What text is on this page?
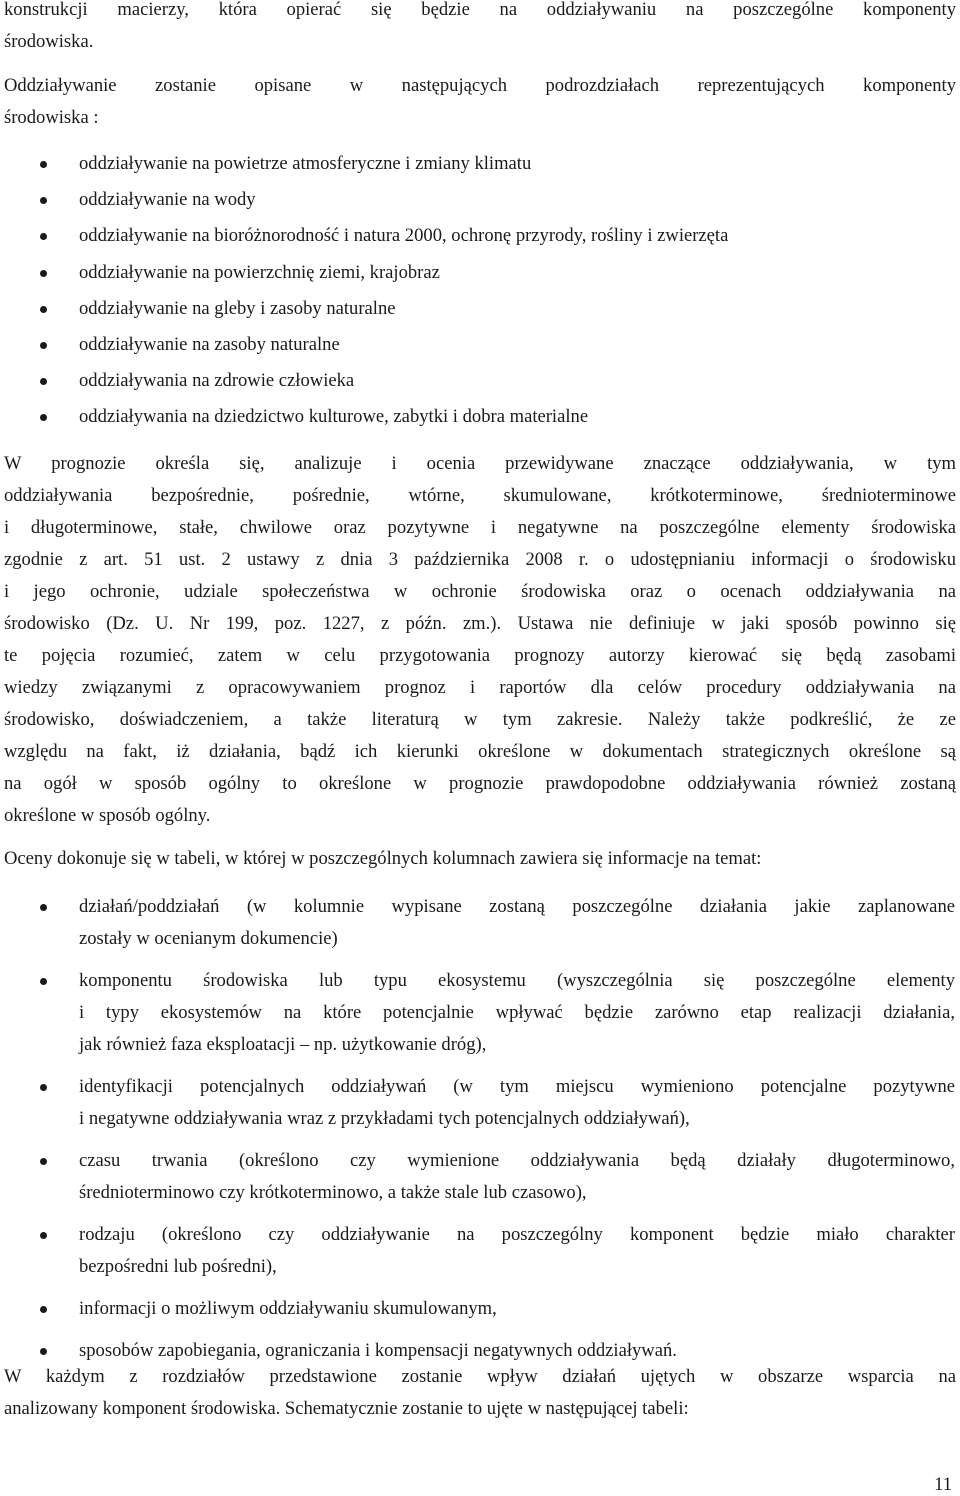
konstrukcji macierzy, która opierać się będzie na oddziaływaniu na poszczególne komponenty
środowiska.
Oddziaływanie zostanie opisane w następujących podrozdziałach reprezentujących komponenty
środowiska :
oddziaływanie na powietrze atmosferyczne i zmiany klimatu
oddziaływanie na wody
oddziaływanie na bioróżnorodność i natura 2000, ochronę przyrody, rośliny i zwierzęta
oddziaływanie na powierzchnię ziemi, krajobraz
oddziaływanie na gleby i zasoby naturalne
oddziaływanie na zasoby naturalne
oddziaływania na zdrowie człowieka
oddziaływania na dziedzictwo kulturowe, zabytki i dobra materialne
W prognozie określa się, analizuje i ocenia przewidywane znaczące oddziaływania, w tym
oddziaływania bezpośrednie, pośrednie, wtórne, skumulowane, krótkoterminowe, średnioterminowe
i długoterminowe, stałe, chwilowe oraz pozytywne i negatywne na poszczególne elementy środowiska
zgodnie z art. 51 ust. 2 ustawy z dnia 3 października 2008 r. o udostępnianiu informacji o środowisku
i jego ochronie, udziale społeczeństwa w ochronie środowiska oraz o ocenach oddziaływania na
środowisko (Dz. U. Nr 199, poz. 1227, z późn. zm.). Ustawa nie definiuje w jaki sposób powinno się
te pojęcia rozumieć, zatem w celu przygotowania prognozy autorzy kierować się będą zasobami
wiedzy związanymi z opracowywaniem prognoz i raportów dla celów procedury oddziaływania na
środowisko, doświadczeniem, a także literaturą w tym zakresie. Należy także podkreślić, że ze
względu na fakt, iż działania, bądź ich kierunki określone w dokumentach strategicznych określone są
na ogół w sposób ogólny to określone w prognozie prawdopodobne oddziaływania również zostaną
określone w sposób ogólny.
Oceny dokonuje się w tabeli, w której w poszczególnych kolumnach zawiera się informacje na temat:
działań/poddziałań (w kolumnie wypisane zostaną poszczególne działania jakie zaplanowane
zostały w ocenianym dokumencie)
komponentu środowiska lub typu ekosystemu (wyszczególnia się poszczególne elementy
i typy ekosystemów na które potencjalnie wpływać będzie zarówno etap realizacji działania,
jak również faza eksploatacji – np. użytkowanie dróg),
identyfikacji potencjalnych oddziaływań (w tym miejscu wymieniono potencjalne pozytywne
i negatywne oddziaływania wraz z przykładami tych potencjalnych oddziaływań),
czasu trwania (określono czy wymienione oddziaływania będą działały długoterminowo,
średnioterminowo czy krótkoterminowo, a także stale lub czasowo),
rodzaju (określono czy oddziaływanie na poszczególny komponent będzie miało charakter
bezpośredni lub pośredni),
informacji o możliwym oddziaływaniu skumulowanym,
sposobów zapobiegania, ograniczania i kompensacji negatywnych oddziaływań.
W każdym z rozdziałów przedstawione zostanie wpływ działań ujętych w obszarze wsparcia na
analizowany komponent środowiska. Schematycznie zostanie to ujęte w następującej tabeli:
11
